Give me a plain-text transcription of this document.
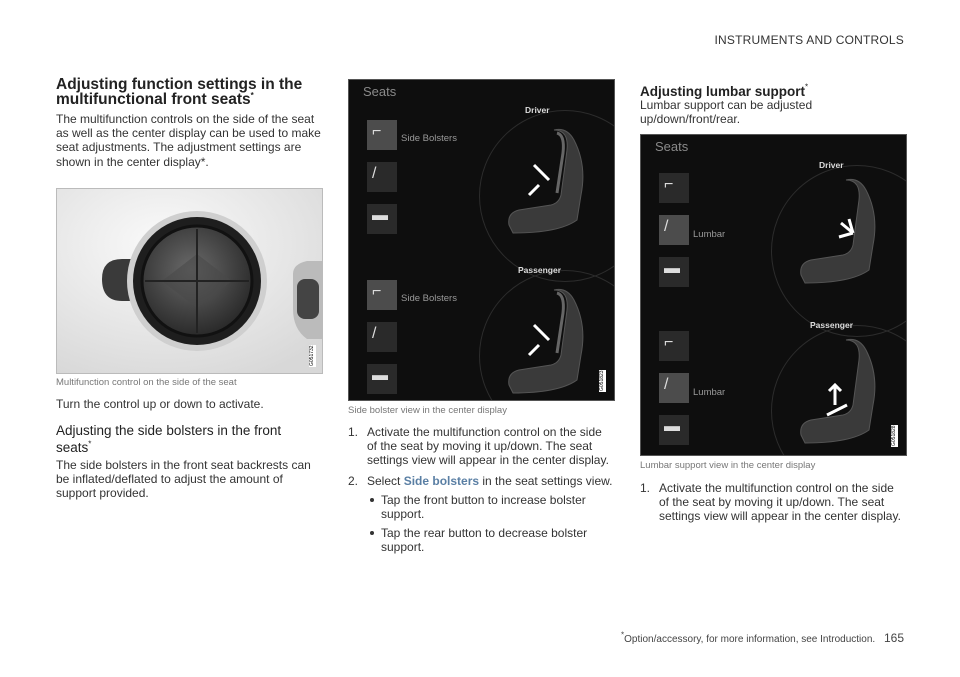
INSTRUMENTS AND CONTROLS
Adjusting function settings in the
multifunctional front seats*
The multifunction controls on the side of the seat as well as the center display can be used to make seat adjustments. The adjustment settings are shown in the center display*.
G051732
Multifunction control on the side of the seat
Turn the control up or down to activate.
Adjusting the side bolsters in the front
seats*
The side bolsters in the front seat backrests can be inflated/deflated to adjust the amount of support provided.
Seats
Driver
Passenger
⌐
/
▬
Side Bolsters
⌐
/
▬
Side Bolsters
G051823
Side bolster view in the center display
1. Activate the multifunction control on the side of the seat by moving it up/down. The seat settings view will appear in the center display.
2. Select Side bolsters in the seat settings view.
Tap the front button to increase bolster support.
Tap the rear button to decrease bolster support.
Adjusting lumbar support*
Lumbar support can be adjusted up/down/front/rear.
Seats
Driver
Passenger
⌐
/
▬
Lumbar
⌐
/
▬
Lumbar
G051828
Lumbar support view in the center display
1. Activate the multifunction control on the side of the seat by moving it up/down. The seat settings view will appear in the center display.
*Option/accessory, for more information, see Introduction. 165
